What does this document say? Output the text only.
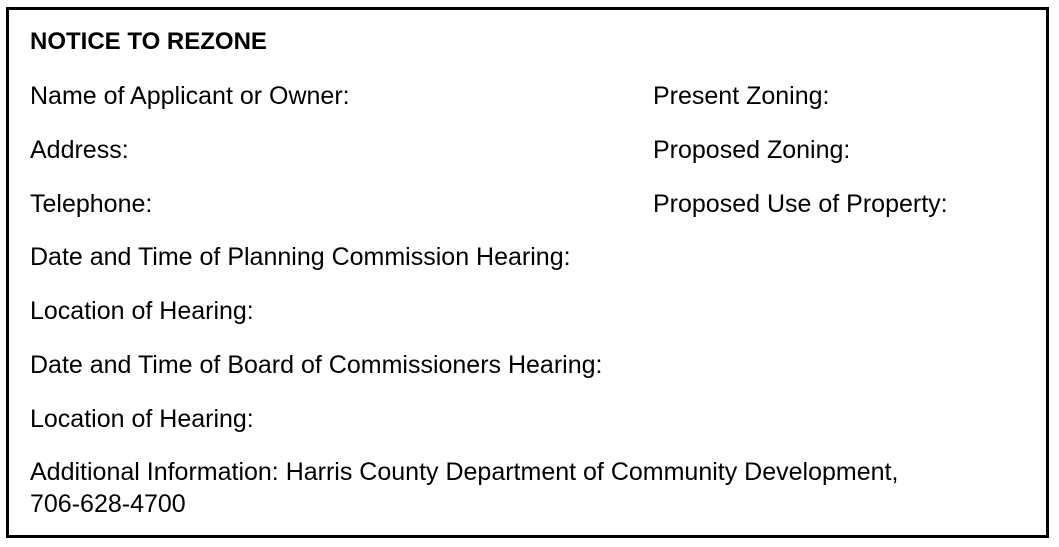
NOTICE TO REZONE
Name of Applicant or Owner:	Present Zoning:
Address:	Proposed Zoning:
Telephone:	Proposed Use of Property:
Date and Time of Planning Commission Hearing:
Location of Hearing:
Date and Time of Board of Commissioners Hearing:
Location of Hearing:
Additional Information: Harris County Department of Community Development,
706-628-4700
